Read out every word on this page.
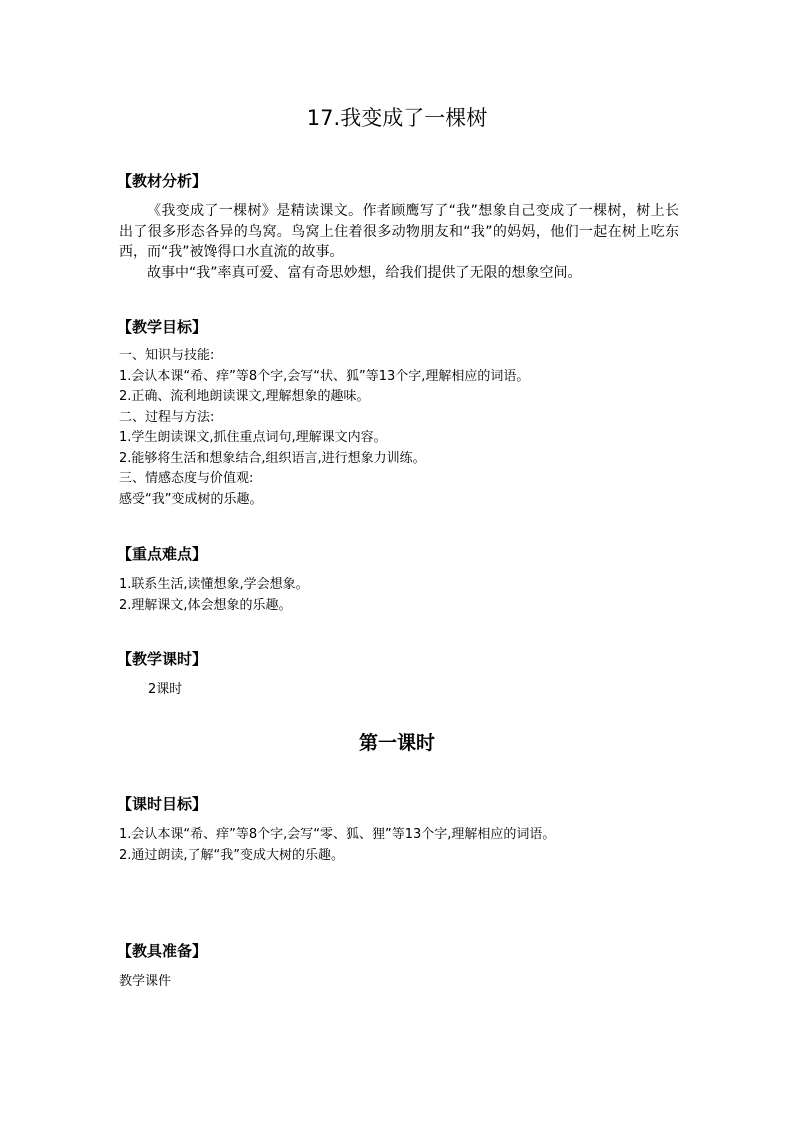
17.我变成了一棵树
【教材分析】

《我变成了一棵树》是精读课文。作者顾鹰写了“我”想象自己变成了一棵树，树上长出了很多形态各异的鸟窝。鸟窝上住着很多动物朋友和“我”的妈妈，他们一起在树上吃东西，而“我”被馋得口水直流的故事。

故事中“我”率真可爱、富有奇思妙想，给我们提供了无限的想象空间。

【教学目标】
一、知识与技能:
1.会认本课“希、痒”等8个字,会写“状、狐”等13个字,理解相应的词语。
2.正确、流利地朗读课文,理解想象的趣味。
二、过程与方法:
1.学生朗读课文,抓住重点词句,理解课文内容。
2.能够将生活和想象结合,组织语言,进行想象力训练。
三、情感态度与价值观:
感受“我”变成树的乐趣。
【重点难点】
1.联系生活,读懂想象,学会想象。
2.理解课文,体会想象的乐趣。
【教学课时】

2课时

第一课时
【课时目标】
1.会认本课“希、痒”等8个字,会写“零、狐、狸”等13个字,理解相应的词语。
2.通过朗读,了解“我”变成大树的乐趣。
【教具准备】

教学课件
